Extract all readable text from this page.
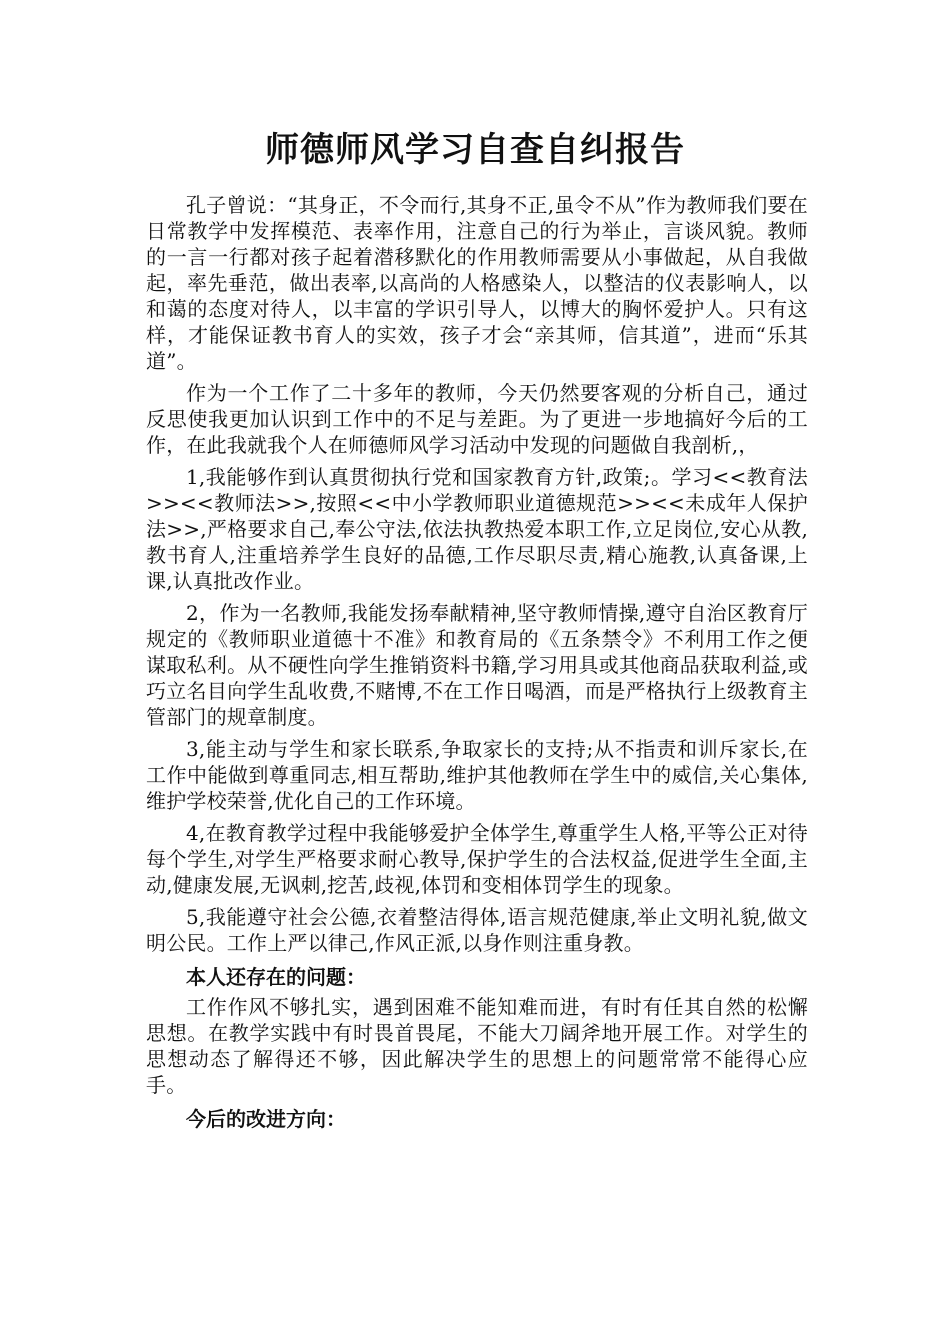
师德师风学习自查自纠报告

孔子曾说：“其身正，不令而行,其身不正,虽令不从”作为教师我们要在日常教学中发挥模范、表率作用，注意自己的行为举止，言谈风貌。教师的一言一行都对孩子起着潜移默化的作用教师需要从小事做起，从自我做起，率先垂范，做出表率,以高尚的人格感染人，以整洁的仪表影响人，以和蔼的态度对待人，以丰富的学识引导人，以博大的胸怀爱护人。只有这样，才能保证教书育人的实效，孩子才会“亲其师，信其道”，进而“乐其道”。

作为一个工作了二十多年的教师，今天仍然要客观的分析自己，通过反思使我更加认识到工作中的不足与差距。为了更进一步地搞好今后的工作，在此我就我个人在师德师风学习活动中发现的问题做自我剖析,，

1,我能够作到认真贯彻执行党和国家教育方针,政策;。学习<<教育法>><<教师法>>,按照<<中小学教师职业道德规范>><<未成年人保护法>>,严格要求自己,奉公守法,依法执教热爱本职工作,立足岗位,安心从教,教书育人,注重培养学生良好的品德,工作尽职尽责,精心施教,认真备课,上课,认真批改作业。

2，作为一名教师,我能发扬奉献精神,坚守教师情操,遵守自治区教育厅规定的《教师职业道德十不准》和教育局的《五条禁令》不利用工作之便谋取私利。从不硬性向学生推销资料书籍,学习用具或其他商品获取利益,或巧立名目向学生乱收费,不赌博,不在工作日喝酒，而是严格执行上级教育主管部门的规章制度。

3,能主动与学生和家长联系,争取家长的支持;从不指责和训斥家长,在工作中能做到尊重同志,相互帮助,维护其他教师在学生中的威信,关心集体,维护学校荣誉,优化自己的工作环境。

4,在教育教学过程中我能够爱护全体学生,尊重学生人格,平等公正对待每个学生,对学生严格要求耐心教导,保护学生的合法权益,促进学生全面,主动,健康发展,无讽刺,挖苦,歧视,体罚和变相体罚学生的现象。

5,我能遵守社会公德,衣着整洁得体,语言规范健康,举止文明礼貌,做文明公民。工作上严以律己,作风正派,以身作则注重身教。

本人还存在的问题：

工作作风不够扎实，遇到困难不能知难而进，有时有任其自然的松懈思想。在教学实践中有时畏首畏尾，不能大刀阔斧地开展工作。对学生的思想动态了解得还不够，因此解决学生的思想上的问题常常不能得心应手。

今后的改进方向：
